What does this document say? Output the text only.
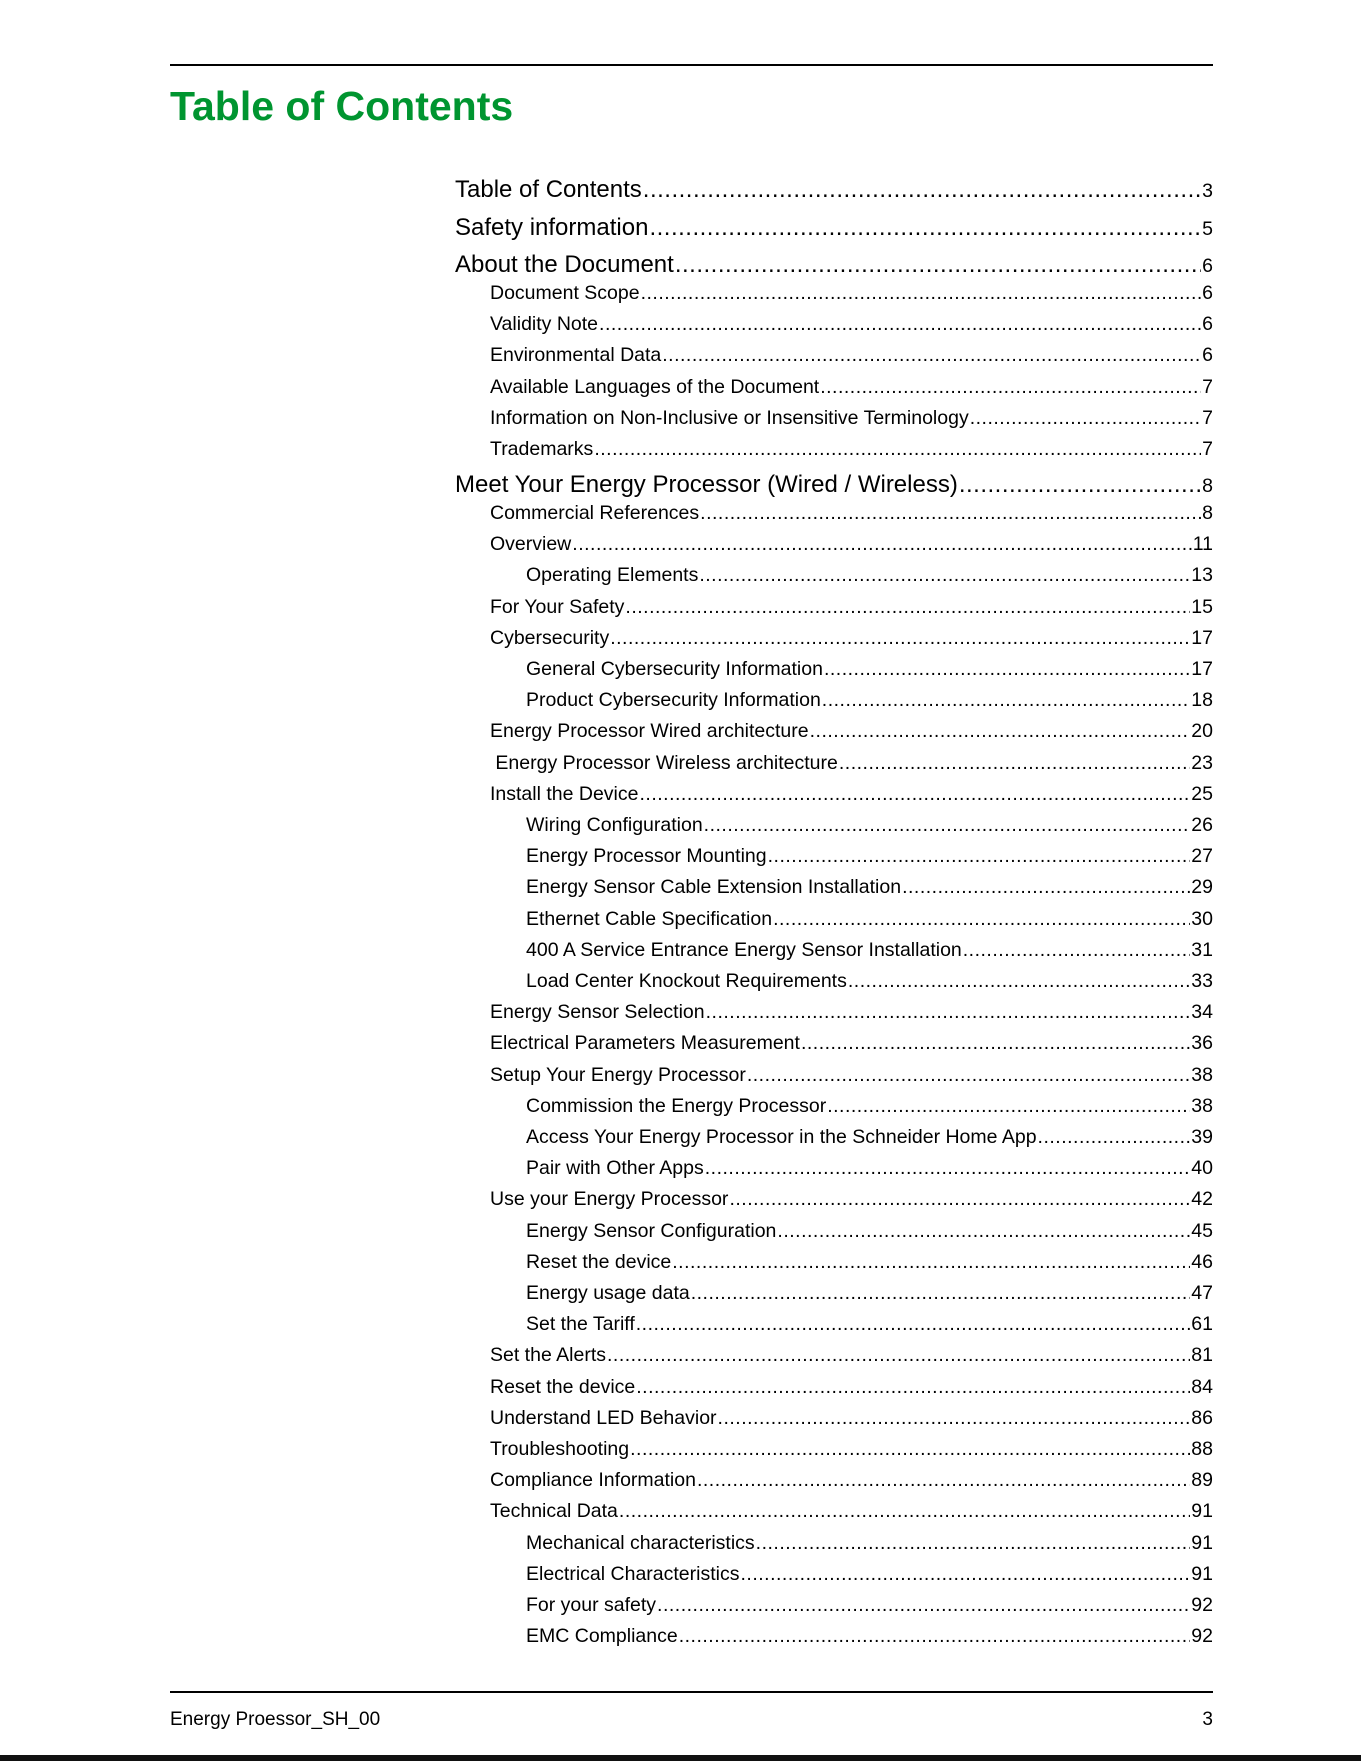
Table of Contents
Table of Contents .....	3
Safety information .....	5
About the Document .....	6
Document Scope .....	6
Validity Note .....	6
Environmental Data .....	6
Available Languages of the Document .....	7
Information on Non-Inclusive or Insensitive Terminology .....	7
Trademarks .....	7
Meet Your Energy Processor (Wired / Wireless) .....	8
Commercial References .....	8
Overview .....	11
Operating Elements .....	13
For Your Safety .....	15
Cybersecurity .....	17
General Cybersecurity Information .....	17
Product Cybersecurity Information .....	18
Energy Processor Wired architecture .....	20
Energy Processor Wireless architecture .....	23
Install the Device .....	25
Wiring Configuration .....	26
Energy Processor Mounting .....	27
Energy Sensor Cable Extension Installation .....	29
Ethernet Cable Specification .....	30
400 A Service Entrance Energy Sensor Installation .....	31
Load Center Knockout Requirements .....	33
Energy Sensor Selection .....	34
Electrical Parameters Measurement .....	36
Setup Your Energy Processor .....	38
Commission the Energy Processor .....	38
Access Your Energy Processor in the Schneider Home App .....	39
Pair with Other Apps .....	40
Use your Energy Processor .....	42
Energy Sensor Configuration .....	45
Reset the device .....	46
Energy usage data .....	47
Set the Tariff .....	61
Set the Alerts .....	81
Reset the device .....	84
Understand LED Behavior .....	86
Troubleshooting .....	88
Compliance Information .....	89
Technical Data .....	91
Mechanical characteristics .....	91
Electrical Characteristics .....	91
For your safety .....	92
EMC Compliance .....	92
Energy Proessor_SH_00	3
